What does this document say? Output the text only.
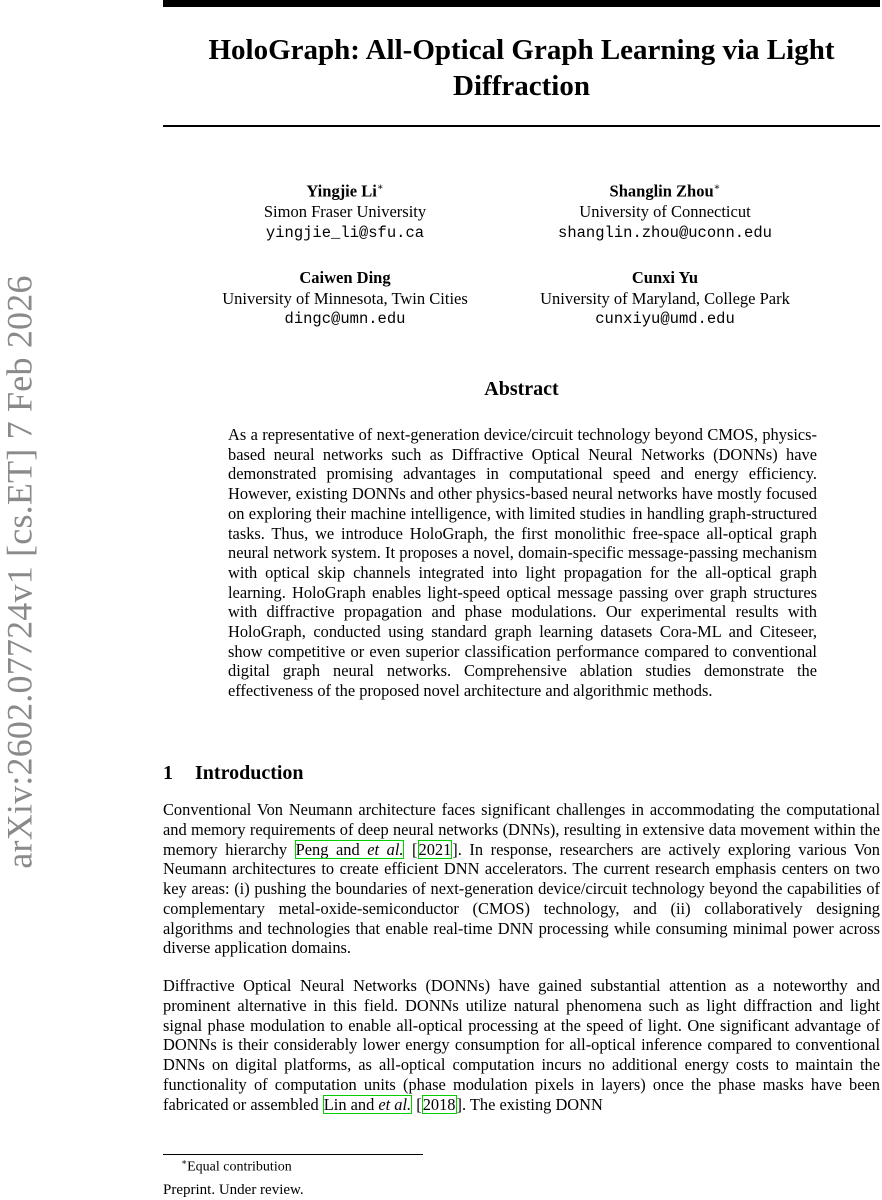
arXiv:2602.07724v1 [cs.ET] 7 Feb 2026
HoloGraph: All-Optical Graph Learning via Light
Diffraction
Yingjie Li∗
Simon Fraser University
yingjie_li@sfu.ca
Shanglin Zhou∗
University of Connecticut
shanglin.zhou@uconn.edu
Caiwen Ding
University of Minnesota, Twin Cities
dingc@umn.edu
Cunxi Yu
University of Maryland, College Park
cunxiyu@umd.edu
Abstract

As a representative of next-generation device/circuit technology beyond CMOS, physics-based neural networks such as Diffractive Optical Neural Networks (DONNs) have demonstrated promising advantages in computational speed and energy efficiency. However, existing DONNs and other physics-based neural networks have mostly focused on exploring their machine intelligence, with limited studies in handling graph-structured tasks. Thus, we introduce HoloGraph, the first monolithic free-space all-optical graph neural network system. It proposes a novel, domain-specific message-passing mechanism with optical skip channels integrated into light propagation for the all-optical graph learning. HoloGraph enables light-speed optical message passing over graph structures with diffractive propagation and phase modulations. Our experimental results with HoloGraph, conducted using standard graph learning datasets Cora-ML and Citeseer, show competitive or even superior classification performance compared to conventional digital graph neural networks. Comprehensive ablation studies demonstrate the effectiveness of the proposed novel architecture and algorithmic methods.

1 Introduction

Conventional Von Neumann architecture faces significant challenges in accommodating the computational and memory requirements of deep neural networks (DNNs), resulting in extensive data movement within the memory hierarchy Peng and et al. [2021]. In response, researchers are actively exploring various Von Neumann architectures to create efficient DNN accelerators. The current research emphasis centers on two key areas: (i) pushing the boundaries of next-generation device/circuit technology beyond the capabilities of complementary metal-oxide-semiconductor (CMOS) technology, and (ii) collaboratively designing algorithms and technologies that enable real-time DNN processing while consuming minimal power across diverse application domains.

Diffractive Optical Neural Networks (DONNs) have gained substantial attention as a noteworthy and prominent alternative in this field. DONNs utilize natural phenomena such as light diffraction and light signal phase modulation to enable all-optical processing at the speed of light. One significant advantage of DONNs is their considerably lower energy consumption for all-optical inference compared to conventional DNNs on digital platforms, as all-optical computation incurs no additional energy costs to maintain the functionality of computation units (phase modulation pixels in layers) once the phase masks have been fabricated or assembled Lin and et al. [2018]. The existing DONN

∗Equal contribution
Preprint. Under review.
